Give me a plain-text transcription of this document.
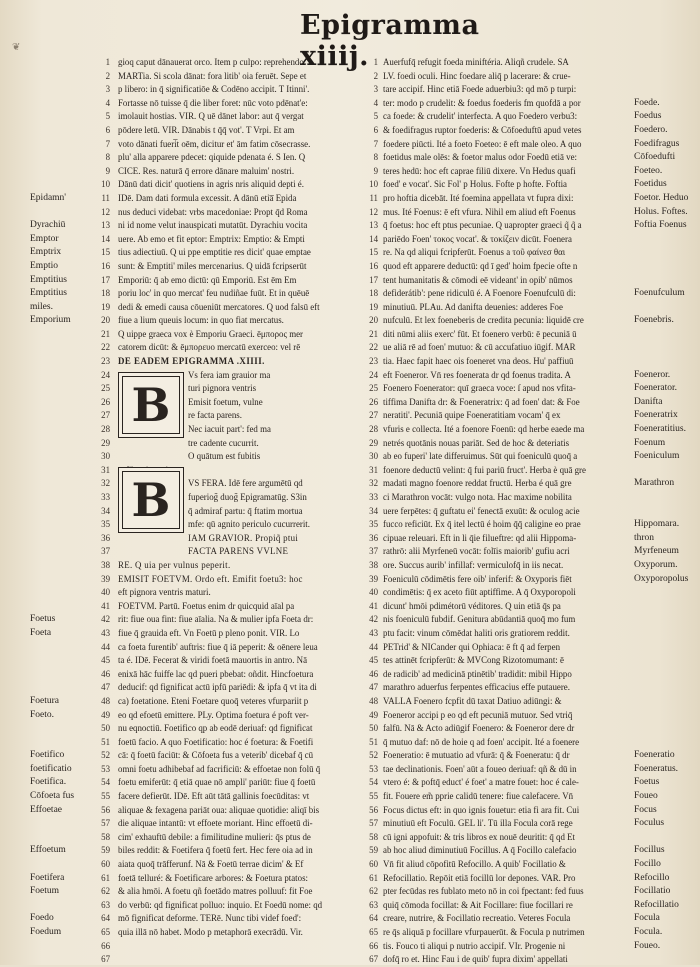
❦
Epigramma xiiij.
1
2
3
4
5
6
7
8
9
10
11
12
13
14
15
16
17
18
19
20
21
22
23
24
25
26
27
28
29
30
31
32
33
34
35
36
37
38
39
40
41
42
43
44
45
46
47
48
49
50
51
52
53
54
55
56
57
58
59
60
61
62
63
64
65
66
67
1
2
3
4
5
6
7
8
9
10
11
12
13
14
15
16
17
18
19
20
21
22
23
24
25
26
27
28
29
30
31
32
33
34
35
36
37
38
39
40
41
42
43
44
45
46
47
48
49
50
51
52
53
54
55
56
57
58
59
60
61
62
63
64
65
66
67
Epidamn'
Dyrachiū
Emptor
Emptrix
Emptio
Emptitius
Emptitius
miles.
Emporium
Foetus
Foeta
Foetura
Foeto.
Foetifico
foetificatio
Foetifica.
Cōfoeta fus
Effoetae
Effoetum
Foetifera
Foetum
Foedo
Foedum
Foede.
Foedus
Foedero.
Foedifragus
Cōfoedufti
Foeteo.
Foetidus
Foetor. Heduo
Holus. Foftes.
Foftia Foenus
Foenufculum
Foenebris.
Foeneror.
Foenerator.
Danifta
Foeneratrix
Foeneratitius.
Foenum
Foeniculum
Marathron
Hippomara.
thron
Myrfeneum
Oxyporum.
Oxyporopolus
Foeneratio
Foeneratus.
Foetus
Foueo
Focus
Foculus
Focillus
Focillo
Refocillo
Focillatio
Refocillatio
Focula
Focula.
Foueo.
gioq caput dānauerat orco. Item p culpo: reprehendo.
MARTia. Si scola dānat: fora litib' oia feruēt. Sepe et
p libero: in q̄ significatiōe & Codēno accipit. T Itinni'.
Fortasse nō tuisse q̄ die liber foret: nūc voto pdēnat'e:
imolauit hostias. VIR. Q uē dānet labor: aut q̄ vergat
pōdere letū. VIR. Dānabis t q̄q̄ vot'. T Vrpi. Et am
voto dānati fueri̅t oēm, dicitur et' ām fatim cōsecrasse.
plu' alla apparere pdecet: qiquide pdenata é. S Ien. Q
CICE. Res. naturā q̄ errore dānare maluim' nostri.
Dānū dati dicit' quotiens in agris nris aliquid depti é.
IDē. Dam dati formula excessit. A dānū etia̅ Epida
nus deduci videbat: vrbs macedoniae: Propt q̄d Roma
ni id nome velut inauspicati mutatūt. Dyrachiu vocita
uere. Ab emo et fit eptor: Emptrix: Emptio: & Empti
tius adiectiuū. Q ui ppe emptitie res dicit' quae emptae
sunt: & Emptiti' miles mercenarius. Q uidā fcripserūt
Emporiū: q̄ ab emo dictū: qū Emporiū. Est ēm Em
poriu loc' in quo mercat' feu nudiñae fuūt. Et in quēuē
dedi & emedi causa cōueniūt mercatores. Q uod falsū eft
fiue a lium queuis locum: in quo fiat mercatus.
Q uippe graeca vox è Emporiu Graeci. ēμπορος mer
catorem dicūt: & ēμπορευo mercatū exerceo: vel rē
DE EADEM EPIGRAMMA .XIIII.
Vs fera iam grauior ma
turi pignora ventris
Emisit foetum, vulne
re facta parens.
Nec iacuit part': fed ma
tre cadente cucurrit.
O quātum est fubitis
VS FERA. Idē fere argumētū qd
fuperiog̃ duog̃ Epigramatūg. S3in
q̄ admiraf partu: q̄ ftatim mortua
mfe: qū agnito periculo cucurrerit.
IAM GRAVIOR. Propiq̃ ptui
FACTA PARENS VVLNE
RE. Q uia per vulnus peperit.
EMISIT FOETVM. Ordo eft. Emifit foetu3: hoc
eft pignora ventris maturi.
FOETVM. Partū. Foetus enim dr quicquid aīal pa
rit: fiue oua fint: fiue aīalia. Na & mulier ipfa Foeta dr:
fiue q̄ grauida eft. Vn Foetū p pleno ponit. VIR. Lo
ca foeta furentib' auftris: fiue q̄ iā peperit: & oēnere leua
ta é. IDē. Fecerat & viridi foetā mauortis in antro. Nā
enixā hāc fuiffe lac qd pueri pbebat: oñdit. Hincfoetura
deducif: qd fignificat actū ipfū pariēdi: & ipfa q̄ vt ita di
ca) foetatione. Eteni Foetare quoq̄ veteres vfurpariit p
eo qd efoetū emittere. PLy. Optima foetura é poft ver-
nu eqnoctiū. Foetifico qp ab eodē deriuaf: qd fignificat
foetū facio. A quo Foetificatio: hoc é foetura: & Foetifi
cā: q̄ foetū faciūt: & Cōfoeta fus a veterib' dicebaf q̄ cū
omni foetu adhibebaf ad facrificiū: & effoetae non folū q̄
foetu emiferūt: q̄ etiā quae nō ampli' pariūt: fiue q̄ foetū
facere defierūt. IDē. Eft aūt tātā gallinis foecūditas: vt
aliquae & fexagena pariāt oua: aliquae quotidie: aliqī bis
die aliquae intantū: vt effoete moriant. Hinc effoetū di-
cim' exhauftū debile: a fimilitudine mulieri: q̄s ptus de
biles reddit: & Foetifera q̄ foetū fert. Hec fere oia ad in
aiata quoq̄ trāfferunf. Nā & Foetū terrae dicim' & Ef
foetā telluré: & Foetificare arbores: & Foetura ptatos:
& alia hmōi. A foetu qñ foetādo matres polluuf: fit Foe
do verbū: qd fignificat polluo: inquio. Et Foedū nome: qd
mō fignificat deforme. TERē. Nunc tibi videf foed':
quia illā nō habet. Modo p metaphorā execrādū. Vir.
Auerfufq̄ refugit foeda miniftéria. Aliqñ crudele. SA
LV. foedi oculi. Hinc foedare aliq̄ p lacerare: & crue-
tare accipif. Hinc etiā Foede aduerbiu3: qd mō p turpi:
ter: modo p crudelit: & foedus foederis fm quofdā a por
ca foede: & crudelit' interfecta. A quo Foedero verbu3:
& foedifragus ruptor foederis: & Cōfoeduftū apud vetes
foedere piūcti. Ité a foeto Foeteo: ē eft male oleo. A quo
foetidus male olēs: & foetor malus odor Foedū etiā ve:
teres hedū: hoc eft caprae filiū dixere. Vn Hedus quafi
foed' e vocat'. Sic Fol' p Holus. Fofte p hofte. Foftia
pro hoftia dicebāt. Ité foemina appellata vt fupra dixi:
mus. Ité Foenus: ē eft vfura. Nihil em aliud eft Foenus
q̄ foetus: hoc eft ptus pecuniae. Q uapropter graeci q̃ q̃ a
pariēdo Foen' τοκος vocat'. & τοκίζειν dicūt. Foenera
re. Na qd aliqui fcripferūt. Foenus a τοῦ φαίνεσ θαι
quod eft apparere deductū: qd ī ged' hoim fpecie ofte n
tent humanitatis & cōmodi eē videant' in opib' nūmos
defiderátib': pene ridiculū é. A Foenore Foenufculū di:
minutiuū. PLAu. Ad danifta deuenies: adderes Foe
nufculū. Et lex foeneberis de credita pecunia: liquidē cre
diti nūmi aliis exerc' fūt. Et foenero verbū: ē pecuniā ū
ue aliā rē ad foen' mutuo: & cū accufatiuo iūgif. MAR
tia. Haec fapit haec ois foeneret vna deos. Hu' paffiuū
eft Foeneror. Vn̄ res foenerata dr qd foenus tradita. A
Foenero Foenerator: quī graeca voce: ſ apud nos vfita-
tiffima Danifta dr: & Foeneratrix: q̄ ad foen' dat: & Foe
neratiti'. Pecuniā quipe Foeneratitiam vocam' q̄ ex
vfuris e collecta. Ité a foenore Foenū: qd herbe eaede ma
netrés quotānis nouas pariāt. Sed de hoc & deteriatis
ab eo fuperi' late differuimus. Sūt qui foeniculū quoq̄ a
foenore deductū velint: q̄ fui pariū fruct'. Herba è quā gre
madati magno foenore reddat fructū. Herba é quā gre
ci Marathron vocāt: vulgo nota. Hac maxime nobilita
uere ferpētes: q̄ guftatu ei' fenectā exuūt: & oculog acie
fucco reficiūt. Ex q̄ itel lectū é hoim q̄q̄ caligine eo prae
cipuae releuari. Eft in li q̄ie filueftre: qd alii Hippoma-
rathrō: alii Myrfeneū vocāt: folīis maiorib' gufiu acri
ore. Succus aurib' infillaf: vermiculofq̄ in iis necat.
Foeniculū cōdimētis fere oib' inferif: & Oxyporis fiēt
condimētis: q̄ ex aceto fiūt aptiffime. A q̄ Oxyporopoli
dicunt' hmōi pdimétorū véditores. Q uin etiā q̄s pa
nis foeniculū fubdif. Genitura abūdantiā quoq̄ mo fum
ptu facit: vinum cōmēdat haliti oris gratiorem reddit.
PETrid' & NICander qui Ophiaca: ē ft q̄ ad ferpen
tes attinēt fcripferūt: & MVCong Rizotomumant: ē
de radicib' ad medicinā ptinētib' tradidit: mibil Hippo
marathro aduerfus ferpentes efficacius effe putauere.
VALLA Foenero fcpfit dū taxat Datiuo adiūngi: &
Foeneror accipi p eo qd eft pecuniā mutuor. Sed vtriq̄
falfū. Nā & Acto adiūgif Foenero: & Foeneror dere dr
q̄ mutuo daf: nō de hoie q ad foen' accipit. Ité a foenere
Foeneratio: ē mutuatio ad vfurā: q̄ & Foeneratu: q̄ dr
tae declinationis. Foen' aūt a foueo deriuaf: qñ & dū in
vtero é: & poftq̄ educt' é foet' a matre fouet: hoc é cale-
fit. Fouere em̃ pprie calidū tenere: fiue calefacere. Vn̄
Focus dictus eft: in quo ignis fouetur: etia fi ara fit. Cui
minutiuū eft Foculū. GEL li'. Tū illa Focula corā rege
cū igni appofuit: & tris libros ex nouē deuritit: q̄ qd Et
ab hoc aliud diminutiuū Focillus. A q̄ Focillo calefacio
Vn̄ fit aliud cōpofitū Refocillo. A quib' Focillatio &
Refocillatio. Repōit etiā focillū lor depones. VAR. Pro
pter fecūdas res fublato meto nō in coi fpectant: fed fuus
quiq̄ cōmoda focillat: & Ait Focillare: fiue focillari re
creare, nutrire, & Focillatio recreatio. Veteres Focula
re q̄s aliquā p focillare vfurpauerūt. & Focula p nutrimen
tis. Fouco ti aliqui p nutrio accipif. VIr. Progenie ni
dofq̄ ro et. Hinc Fau i de quib' fupra dixim' appellati
B
B
